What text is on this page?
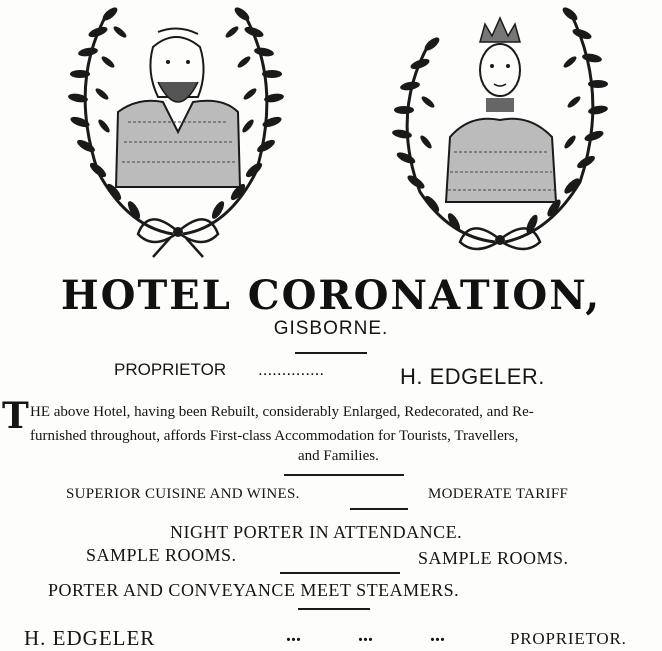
HOTEL CORONATION,
GISBORNE.
PROPRIETOR ..............	H. EDGELER.
T HE above Hotel, having been Rebuilt, considerably Enlarged, Redecorated, and Re-
furnished throughout, affords First-class Accommodation for Tourists, Travellers,
and Families.
SUPERIOR CUISINE AND WINES.	MODERATE TARIFF
NIGHT PORTER IN ATTENDANCE.
SAMPLE ROOMS.	SAMPLE ROOMS.
PORTER AND CONVEYANCE MEET STEAMERS.
H. EDGELER	...	...	...	PROPRIETOR.
